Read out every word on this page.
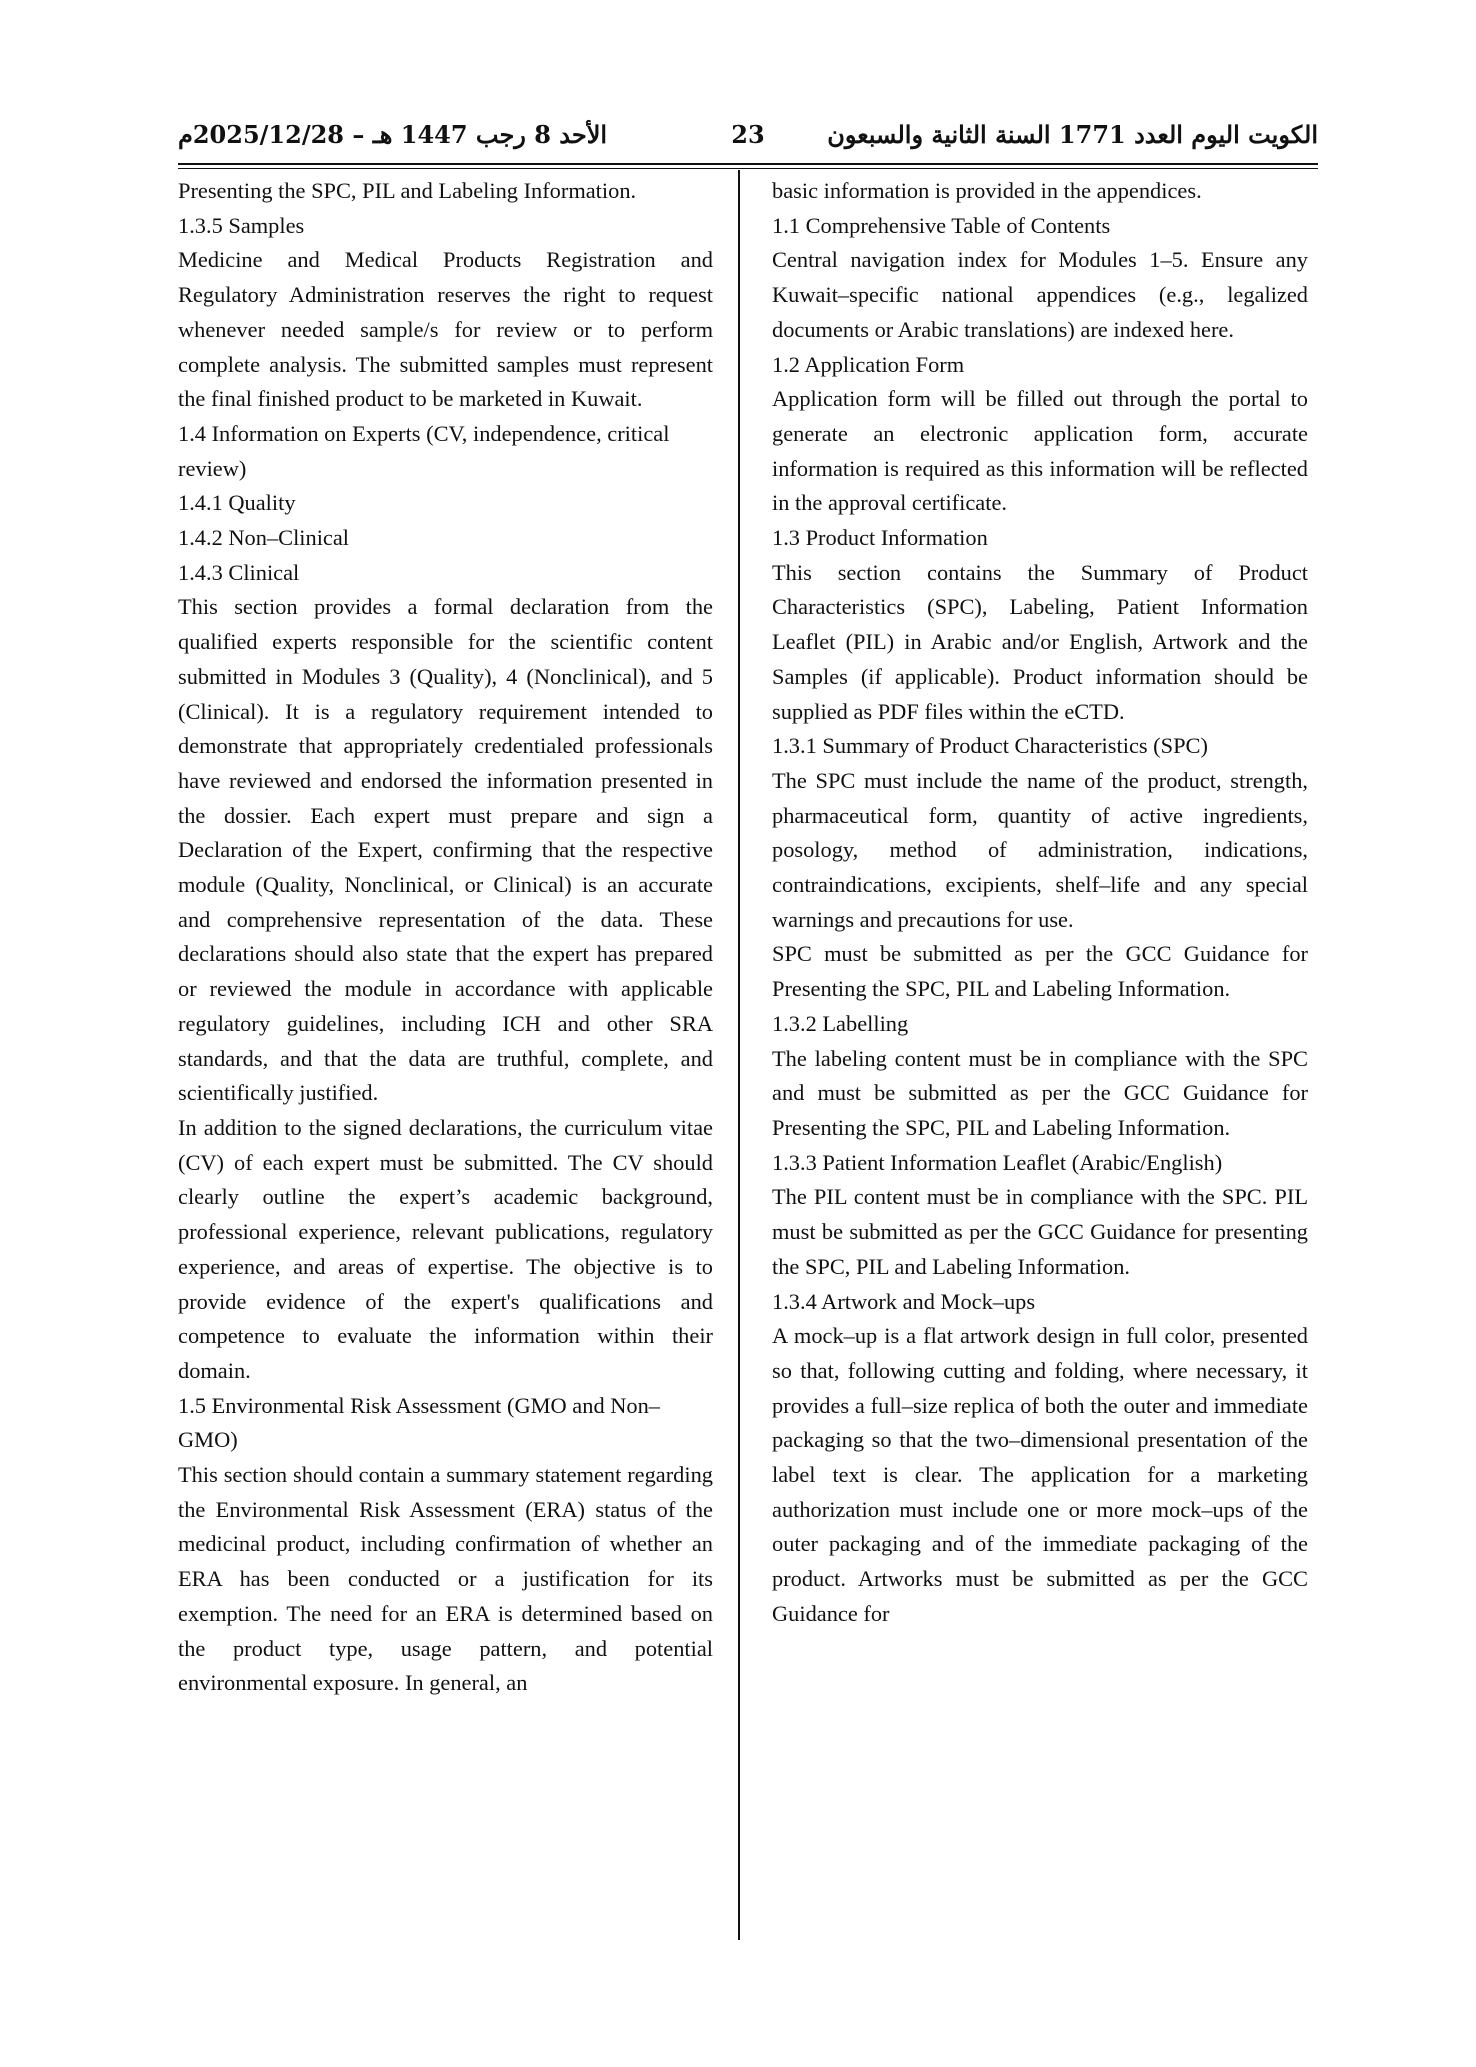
الأحد 8 رجب 1447 هـ – 2025/12/28م	23	الكويت اليوم العدد 1771 السنة الثانية والسبعون

Presenting the SPC, PIL and Labeling Information.

1.3.5 Samples

Medicine and Medical Products Registration and Regulatory Administration reserves the right to request whenever needed sample/s for review or to perform complete analysis. The submitted samples must represent the final finished product to be marketed in Kuwait.

1.4 Information on Experts (CV, independence, critical review)

1.4.1 Quality

1.4.2 Non–Clinical

1.4.3 Clinical

This section provides a formal declaration from the qualified experts responsible for the scientific content submitted in Modules 3 (Quality), 4 (Nonclinical), and 5 (Clinical). It is a regulatory requirement intended to demonstrate that appropriately credentialed professionals have reviewed and endorsed the information presented in the dossier. Each expert must prepare and sign a Declaration of the Expert, confirming that the respective module (Quality, Nonclinical, or Clinical) is an accurate and comprehensive representation of the data. These declarations should also state that the expert has prepared or reviewed the module in accordance with applicable regulatory guidelines, including ICH and other SRA standards, and that the data are truthful, complete, and scientifically justified.

In addition to the signed declarations, the curriculum vitae (CV) of each expert must be submitted. The CV should clearly outline the expert’s academic background, professional experience, relevant publications, regulatory experience, and areas of expertise. The objective is to provide evidence of the expert's qualifications and competence to evaluate the information within their domain.

1.5 Environmental Risk Assessment (GMO and Non–GMO)

This section should contain a summary statement regarding the Environmental Risk Assessment (ERA) status of the medicinal product, including confirmation of whether an ERA has been conducted or a justification for its exemption. The need for an ERA is determined based on the product type, usage pattern, and potential environmental exposure. In general, an

basic information is provided in the appendices.

1.1 Comprehensive Table of Contents

Central navigation index for Modules 1–5. Ensure any Kuwait–specific national appendices (e.g., legalized documents or Arabic translations) are indexed here.

1.2 Application Form

Application form will be filled out through the portal to generate an electronic application form, accurate information is required as this information will be reflected in the approval certificate.

1.3 Product Information

This section contains the Summary of Product Characteristics (SPC), Labeling, Patient Information Leaflet (PIL) in Arabic and/or English, Artwork and the Samples (if applicable). Product information should be supplied as PDF files within the eCTD.

1.3.1 Summary of Product Characteristics (SPC)

The SPC must include the name of the product, strength, pharmaceutical form, quantity of active ingredients, posology, method of administration, indications, contraindications, excipients, shelf–life and any special warnings and precautions for use.

SPC must be submitted as per the GCC Guidance for Presenting the SPC, PIL and Labeling Information.

1.3.2 Labelling

The labeling content must be in compliance with the SPC and must be submitted as per the GCC Guidance for Presenting the SPC, PIL and Labeling Information.

1.3.3 Patient Information Leaflet (Arabic/English)

The PIL content must be in compliance with the SPC. PIL must be submitted as per the GCC Guidance for presenting the SPC, PIL and Labeling Information.

1.3.4 Artwork and Mock–ups

A mock–up is a flat artwork design in full color, presented so that, following cutting and folding, where necessary, it provides a full–size replica of both the outer and immediate packaging so that the two–dimensional presentation of the label text is clear. The application for a marketing authorization must include one or more mock–ups of the outer packaging and of the immediate packaging of the product. Artworks must be submitted as per the GCC Guidance for
